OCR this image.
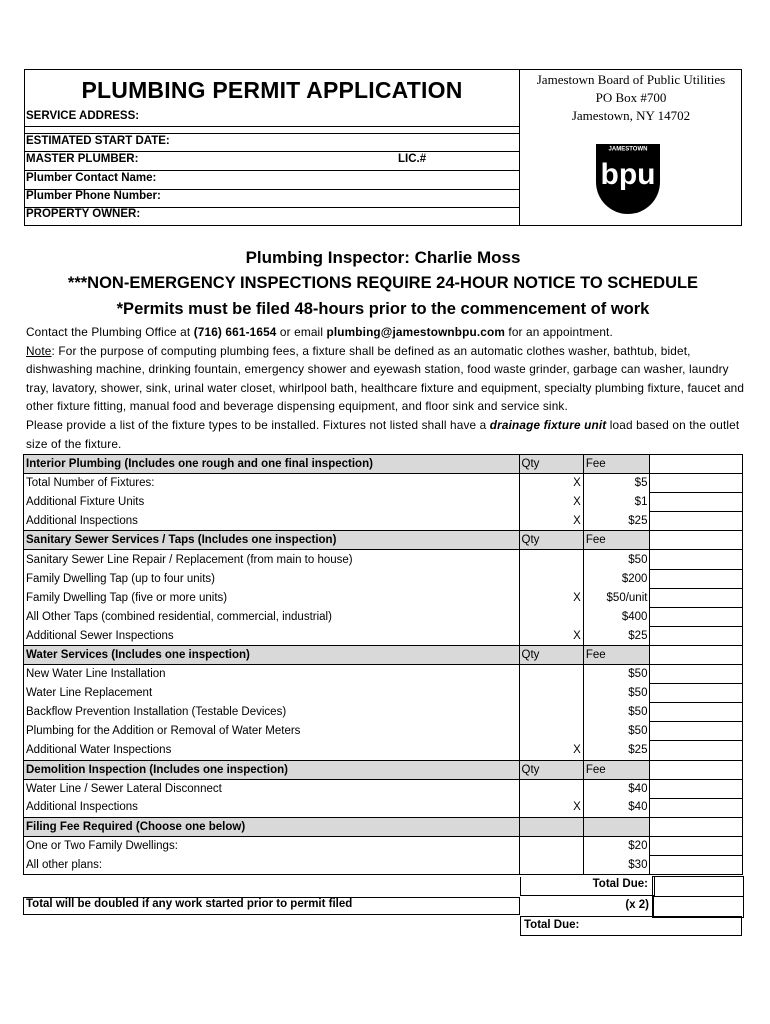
PLUMBING PERMIT APPLICATION
SERVICE ADDRESS:
ESTIMATED START DATE:
MASTER PLUMBER:	LIC.#
Plumber Contact Name:
Plumber Phone Number:
PROPERTY OWNER:
Jamestown Board of Public Utilities
PO Box #700
Jamestown, NY 14702
JAMESTOWN
bpu
Plumbing Inspector: Charlie Moss
***NON-EMERGENCY INSPECTIONS REQUIRE 24-HOUR NOTICE TO SCHEDULE
*Permits must be filed 48-hours prior to the commencement of work

Contact the Plumbing Office at (716) 661-1654 or email plumbing@jamestownbpu.com for an appointment.

Note: For the purpose of computing plumbing fees, a fixture shall be defined as an automatic clothes washer, bathtub, bidet, dishwashing machine, drinking fountain, emergency shower and eyewash station, food waste grinder, garbage can washer, laundry tray, lavatory, shower, sink, urinal water closet, whirlpool bath, healthcare fixture and equipment, specialty plumbing fixture, faucet and other fixture fitting, manual food and beverage dispensing equipment, and floor sink and service sink.

Please provide a list of the fixture types to be installed. Fixtures not listed shall have a drainage fixture unit load based on the outlet size of the fixture.

Interior Plumbing (Includes one rough and one final inspection)	Qty	Fee	
Total Number of Fixtures:	X	$5	
Additional Fixture Units	X	$1	
Additional Inspections	X	$25	
Sanitary Sewer Services / Taps (Includes one inspection)	Qty	Fee	
Sanitary Sewer Line Repair / Replacement (from main to house)		$50	
Family Dwelling Tap (up to four units)		$200	
Family Dwelling Tap (five or more units)	X	$50/unit	
All Other Taps (combined residential, commercial, industrial)		$400	
Additional Sewer Inspections	X	$25	
Water Services (Includes one inspection)	Qty	Fee	
New Water Line Installation		$50	
Water Line Replacement		$50	
Backflow Prevention Installation (Testable Devices)		$50	
Plumbing for the Addition or Removal of Water Meters		$50	
Additional Water Inspections	X	$25	
Demolition Inspection (Includes one inspection)	Qty	Fee	
Water Line / Sewer Lateral Disconnect		$40	
Additional Inspections	X	$40	
Filing Fee Required (Choose one below)			
One or Two Family Dwellings:		$20	
All other plans:		$30	
Total Due:
Total will be doubled if any work started prior to permit filed	(x 2)
Total Due:
